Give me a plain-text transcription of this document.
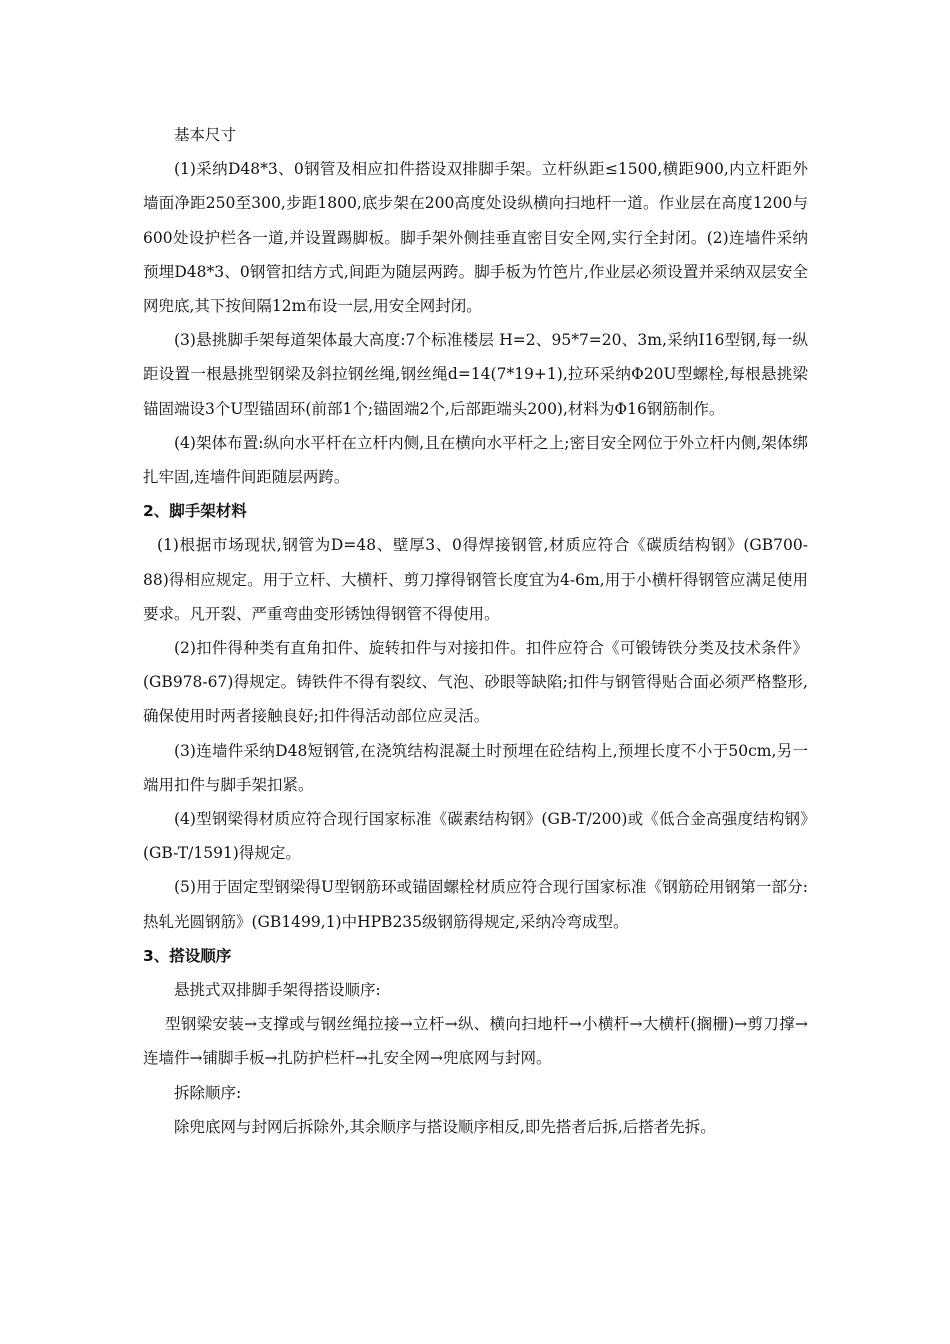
基本尺寸

(1)采纳D48*3、0钢管及相应扣件搭设双排脚手架。立杆纵距≤1500,横距900,内立杆距外墙面净距250至300,步距1800,底步架在200高度处设纵横向扫地杆一道。作业层在高度1200与600处设护栏各一道,并设置踢脚板。脚手架外侧挂垂直密目安全网,实行全封闭。(2)连墙件采纳预埋D48*3、0钢管扣结方式,间距为随层两跨。脚手板为竹笆片,作业层必须设置并采纳双层安全网兜底,其下按间隔12m布设一层,用安全网封闭。

(3)悬挑脚手架每道架体最大高度:7个标准楼层 H=2、95*7=20、3m,采纳I16型钢,每一纵距设置一根悬挑型钢梁及斜拉钢丝绳,钢丝绳d=14(7*19+1),拉环采纳Φ20U型螺栓,每根悬挑梁锚固端设3个U型锚固环(前部1个;锚固端2个,后部距端头200),材料为Φ16钢筋制作。

(4)架体布置:纵向水平杆在立杆内侧,且在横向水平杆之上;密目安全网位于外立杆内侧,架体绑扎牢固,连墙件间距随层两跨。

2、脚手架材料

(1)根据市场现状,钢管为D=48、壁厚3、0得焊接钢管,材质应符合《碳质结构钢》(GB700-88)得相应规定。用于立杆、大横杆、剪刀撑得钢管长度宜为4-6m,用于小横杆得钢管应满足使用要求。凡开裂、严重弯曲变形锈蚀得钢管不得使用。

(2)扣件得种类有直角扣件、旋转扣件与对接扣件。扣件应符合《可锻铸铁分类及技术条件》(GB978-67)得规定。铸铁件不得有裂纹、气泡、砂眼等缺陷;扣件与钢管得贴合面必须严格整形,确保使用时两者接触良好;扣件得活动部位应灵活。

(3)连墙件采纳D48短钢管,在浇筑结构混凝土时预埋在砼结构上,预埋长度不小于50cm,另一端用扣件与脚手架扣紧。

(4)型钢梁得材质应符合现行国家标准《碳素结构钢》(GB-T/200)或《低合金高强度结构钢》(GB-T/1591)得规定。

(5)用于固定型钢梁得U型钢筋环或锚固螺栓材质应符合现行国家标准《钢筋砼用钢第一部分:热轧光圆钢筋》(GB1499,1)中HPB235级钢筋得规定,采纳冷弯成型。

3、搭设顺序

悬挑式双排脚手架得搭设顺序:

型钢梁安装→支撑或与钢丝绳拉接→立杆→纵、横向扫地杆→小横杆→大横杆(搁栅)→剪刀撑→连墙件→铺脚手板→扎防护栏杆→扎安全网→兜底网与封网。

拆除顺序:

除兜底网与封网后拆除外,其余顺序与搭设顺序相反,即先搭者后拆,后搭者先拆。
